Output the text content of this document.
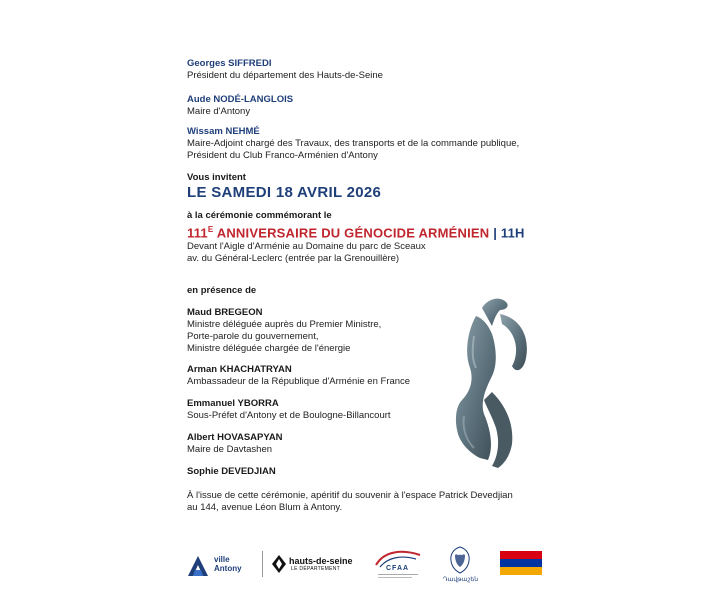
Georges SIFFREDI
Président du département des Hauts-de-Seine
Aude NODÉ-LANGLOIS
Maire d'Antony
Wissam NEHMÉ
Maire-Adjoint chargé des Travaux, des transports et de la commande publique,
Président du Club Franco-Arménien d'Antony
Vous invitent
LE SAMEDI 18 AVRIL 2026
à la cérémonie commémorant le
$111^E$ ANNIVERSAIRE DU GÉNOCIDE ARMÉNIEN | 11H
Devant l'Aigle d'Arménie au Domaine du parc de Sceaux
av. du Général-Leclerc (entrée par la Grenouillère)
en présence de
Maud BREGEON
Ministre déléguée auprès du Premier Ministre,
Porte-parole du gouvernement,
Ministre déléguée chargée de l'énergie
Arman KHACHATRYAN
Ambassadeur de la République d'Arménie en France
Emmanuel YBORRA
Sous-Préfet d'Antony et de Boulogne-Billancourt
Albert HOVASAPYAN
Maire de Davtashen
Sophie DEVEDJIAN
À l'issue de cette cérémonie, apéritif du souvenir à l'espace Patrick Devedjian
au 144, avenue Léon Blum à Antony.
ville
Antony
hauts-de-seine
LE DÉPARTEMENT	CFAA
Դավթաշեն
